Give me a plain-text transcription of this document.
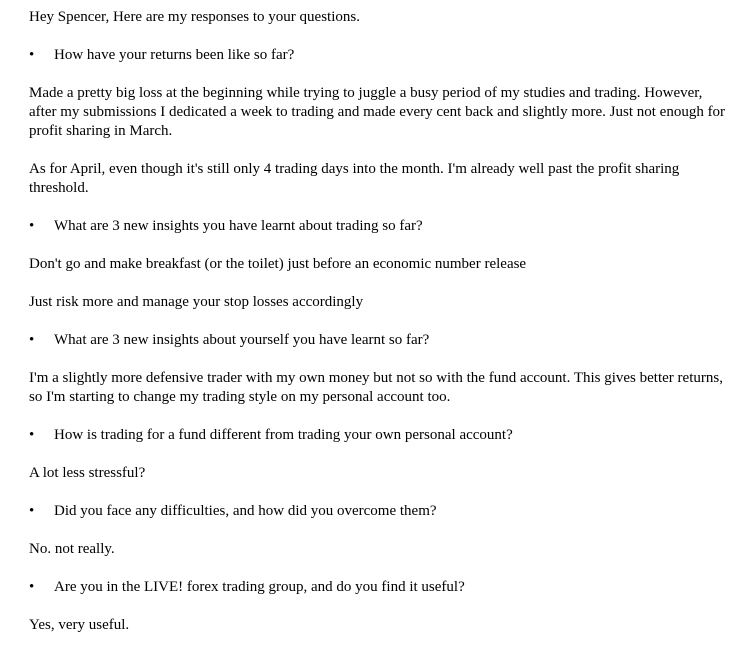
Hey Spencer, Here are my responses to your questions.

•	How have your returns been like so far?

Made a pretty big loss at the beginning while trying to juggle a busy period of my studies and trading. However, after my submissions I dedicated a week to trading and made every cent back and slightly more. Just not enough for profit sharing in March.

As for April, even though it's still only 4 trading days into the month. I'm already well past the profit sharing threshold.

•	What are 3 new insights you have learnt about trading so far?

Don't go and make breakfast (or the toilet) just before an economic number release

Just risk more and manage your stop losses accordingly

•	What are 3 new insights about yourself you have learnt so far?

I'm a slightly more defensive trader with my own money but not so with the fund account. This gives better returns, so I'm starting to change my trading style on my personal account too.

•	How is trading for a fund different from trading your own personal account?

A lot less stressful?

•	Did you face any difficulties, and how did you overcome them?

No. not really.

•	Are you in the LIVE! forex trading group, and do you find it useful?

Yes, very useful.
